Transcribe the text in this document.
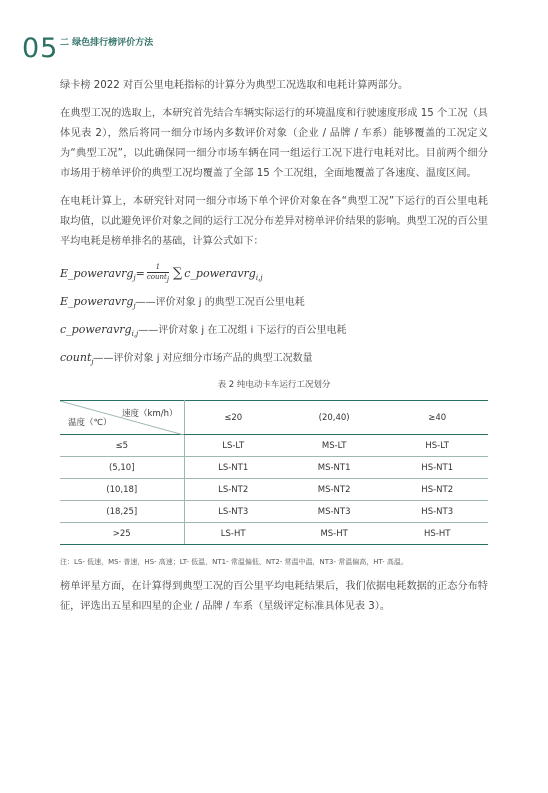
05 二 绿色排行榜评价方法

绿卡榜 2022 对百公里电耗指标的计算分为典型工况选取和电耗计算两部分。

在典型工况的选取上，本研究首先结合车辆实际运行的环境温度和行驶速度形成 15 个工况（具体见表 2），然后将同一细分市场内多数评价对象（企业 / 品牌 / 车系）能够覆盖的工况定义为“典型工况”，以此确保同一细分市场车辆在同一组运行工况下进行电耗对比。目前两个细分市场用于榜单评价的典型工况均覆盖了全部 15 个工况组，全面地覆盖了各速度、温度区间。

在电耗计算上，本研究针对同一细分市场下单个评价对象在各“典型工况”下运行的百公里电耗取均值，以此避免评价对象之间的运行工况分布差异对榜单评价结果的影响。典型工况的百公里平均电耗是榜单排名的基础，计算公式如下：

E_poweravrg$_j$= $\frac{1}{count_j}$ ∑ c_poweravrg$_{i,j}$
E_poweravrg$_j$——评价对象 j 的典型工况百公里电耗
c_poweravrg$_{i,j}$——评价对象 j 在工况组 i 下运行的百公里电耗
count$_j$——评价对象 j 对应细分市场产品的典型工况数量
表 2 纯电动卡车运行工况划分
速度（km/h）
温度（℃）	≤20	(20,40)	≥40
≤5	LS-LT	MS-LT	HS-LT
(5,10]	LS-NT1	MS-NT1	HS-NT1
(10,18]	LS-NT2	MS-NT2	HS-NT2
(18,25]	LS-NT3	MS-NT3	HS-NT3
>25	LS-HT	MS-HT	HS-HT
注：LS- 低速，MS- 普速，HS- 高速；LT- 低温，NT1- 常温偏低，NT2- 常温中温，NT3- 常温偏高，HT- 高温。

榜单评星方面，在计算得到典型工况的百公里平均电耗结果后，我们依据电耗数据的正态分布特征，评选出五星和四星的企业 / 品牌 / 车系（星级评定标准具体见表 3）。
